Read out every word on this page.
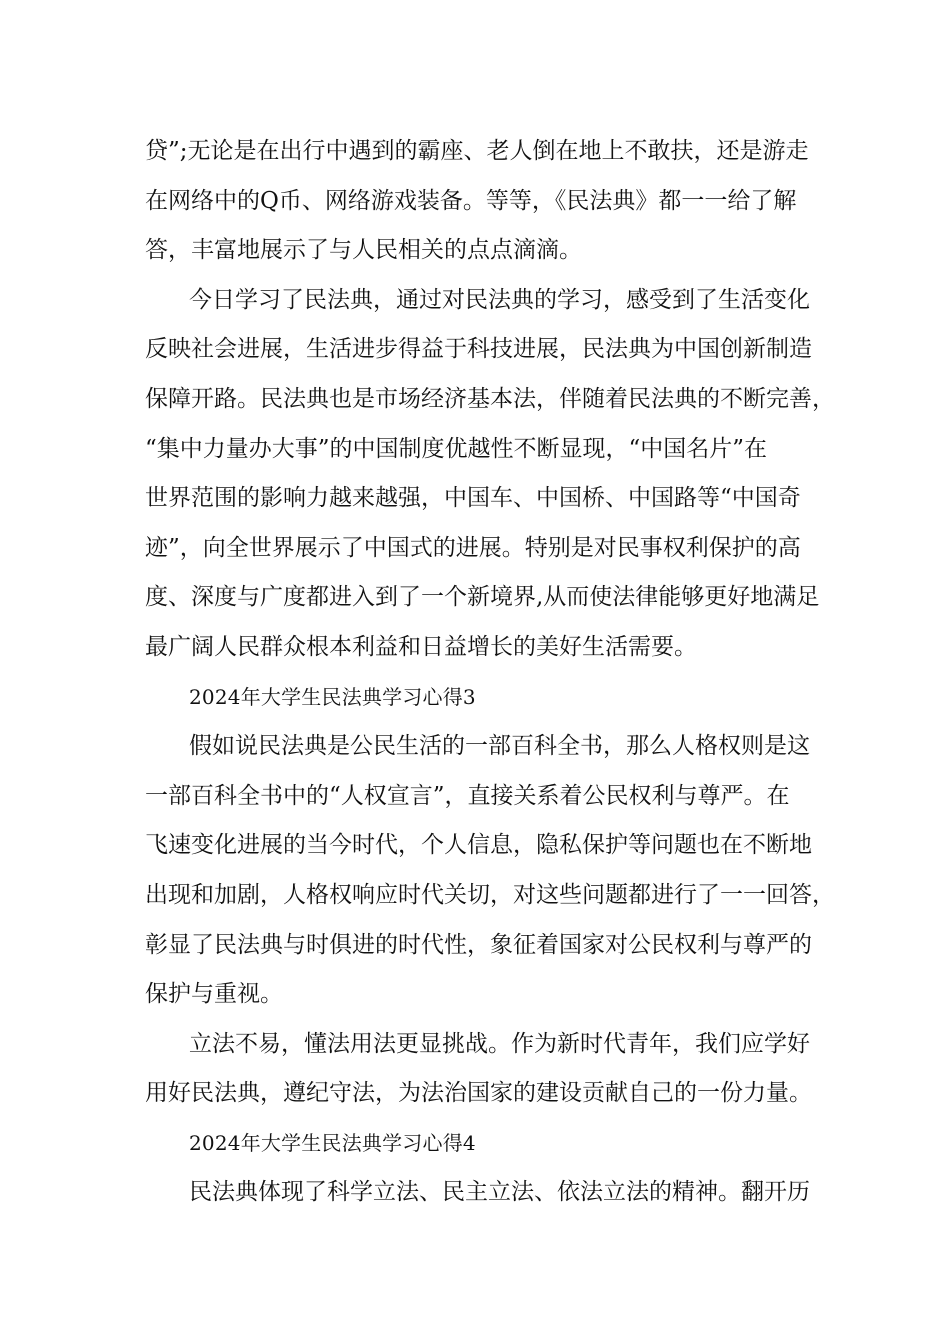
贷”;无论是在出行中遇到的霸座、老人倒在地上不敢扶，还是游走
在网络中的Q币、网络游戏装备。等等，《民法典》都一一给了解
答，丰富地展示了与人民相关的点点滴滴。
今日学习了民法典，通过对民法典的学习，感受到了生活变化
反映社会进展，生活进步得益于科技进展，民法典为中国创新制造
保障开路。民法典也是市场经济基本法，伴随着民法典的不断完善，
“集中力量办大事”的中国制度优越性不断显现，“中国名片”在
世界范围的影响力越来越强，中国车、中国桥、中国路等“中国奇
迹”，向全世界展示了中国式的进展。特别是对民事权利保护的高
度、深度与广度都进入到了一个新境界,从而使法律能够更好地满足
最广阔人民群众根本利益和日益增长的美好生活需要。
2024年大学生民法典学习心得3
假如说民法典是公民生活的一部百科全书，那么人格权则是这
一部百科全书中的“人权宣言”，直接关系着公民权利与尊严。在
飞速变化进展的当今时代，个人信息，隐私保护等问题也在不断地
出现和加剧，人格权响应时代关切，对这些问题都进行了一一回答，
彰显了民法典与时俱进的时代性，象征着国家对公民权利与尊严的
保护与重视。
立法不易，懂法用法更显挑战。作为新时代青年，我们应学好
用好民法典，遵纪守法，为法治国家的建设贡献自己的一份力量。
2024年大学生民法典学习心得4
民法典体现了科学立法、民主立法、依法立法的精神。翻开历
